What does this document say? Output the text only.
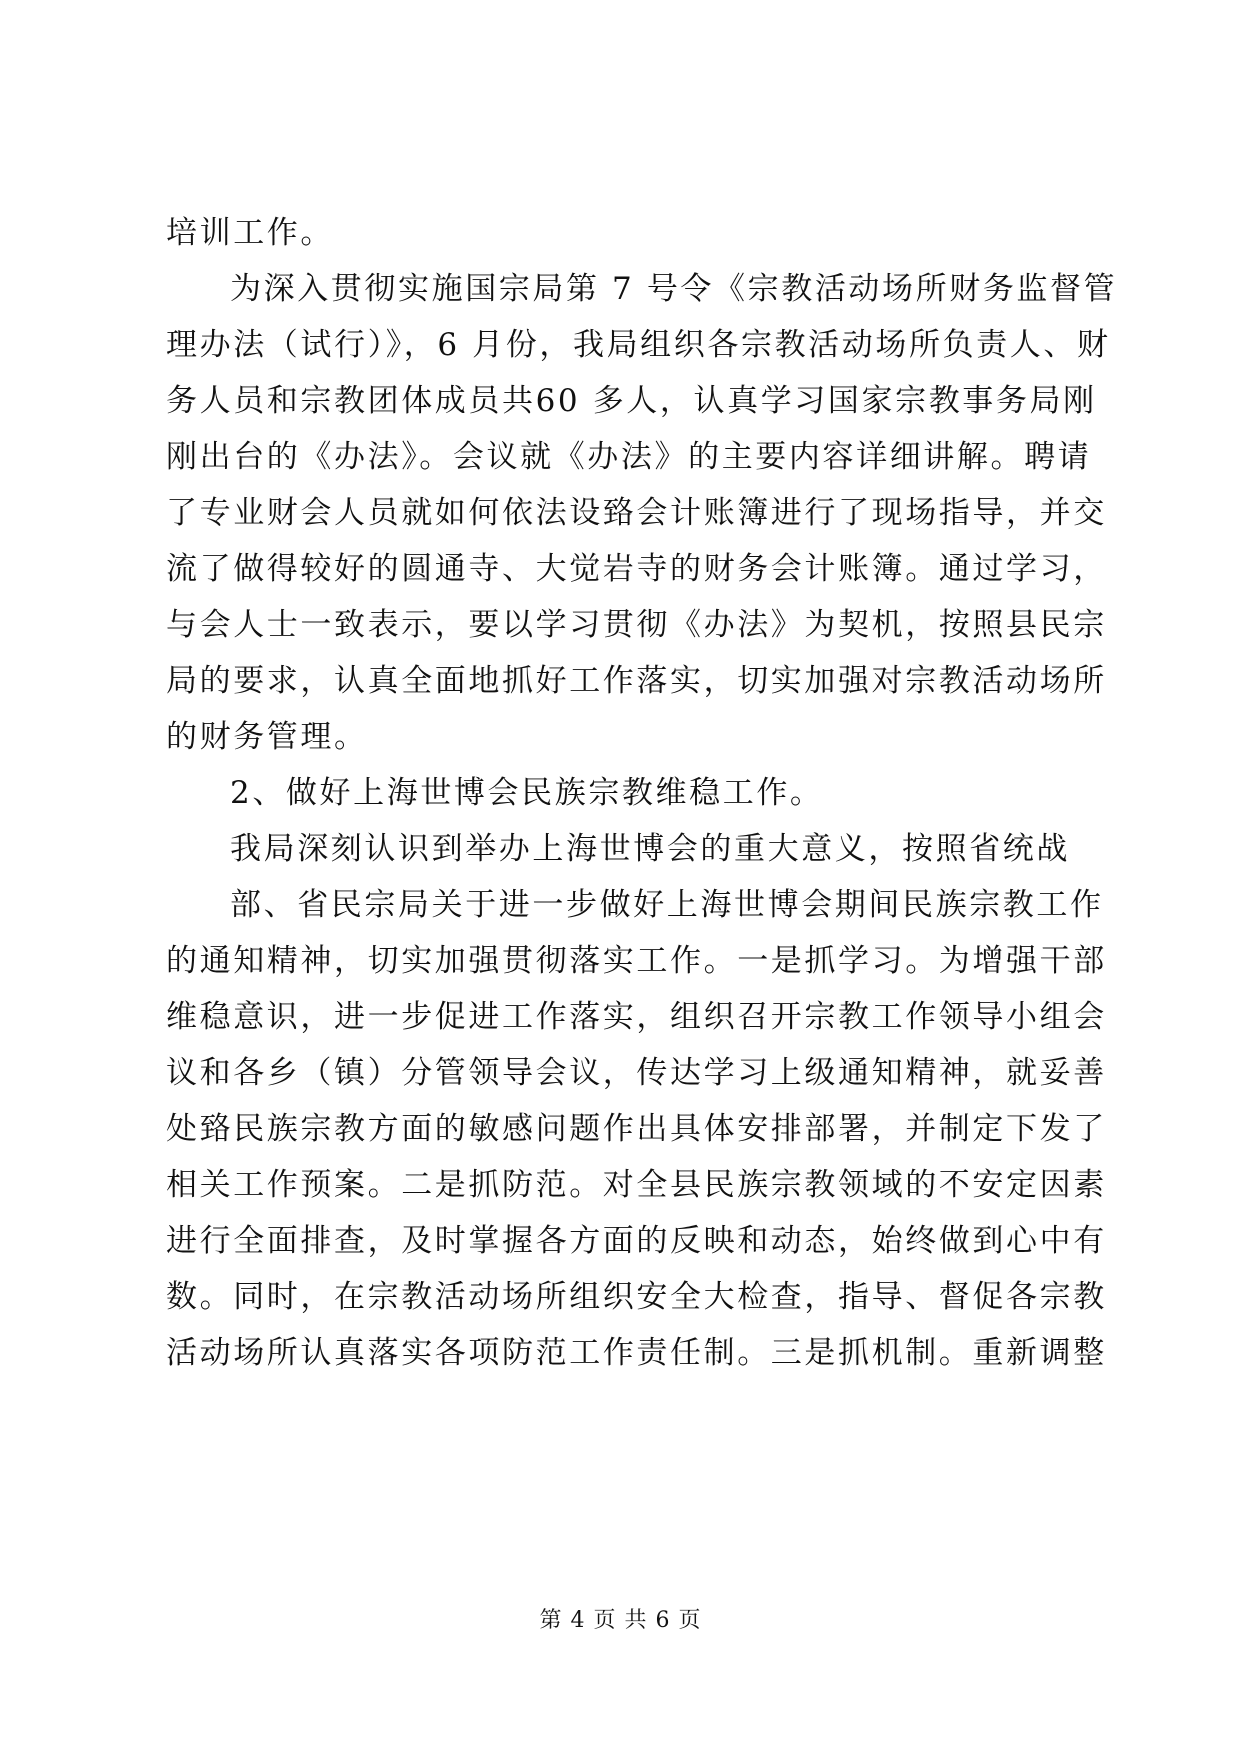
培训工作。
为深入贯彻实施国宗局第 7 号令《宗教活动场所财务监督管
理办法（试行）》，6 月份，我局组织各宗教活动场所负责人、财
务人员和宗教团体成员共60 多人，认真学习国家宗教事务局刚
刚出台的《办法》。会议就《办法》的主要内容详细讲解。聘请
了专业财会人员就如何依法设臵会计账簿进行了现场指导，并交
流了做得较好的圆通寺、大觉岩寺的财务会计账簿。通过学习，
与会人士一致表示，要以学习贯彻《办法》为契机，按照县民宗
局的要求，认真全面地抓好工作落实，切实加强对宗教活动场所
的财务管理。
2、做好上海世博会民族宗教维稳工作。
我局深刻认识到举办上海世博会的重大意义，按照省统战
部、省民宗局关于进一步做好上海世博会期间民族宗教工作
的通知精神，切实加强贯彻落实工作。一是抓学习。为增强干部
维稳意识，进一步促进工作落实，组织召开宗教工作领导小组会
议和各乡（镇）分管领导会议，传达学习上级通知精神，就妥善
处臵民族宗教方面的敏感问题作出具体安排部署，并制定下发了
相关工作预案。二是抓防范。对全县民族宗教领域的不安定因素
进行全面排查，及时掌握各方面的反映和动态，始终做到心中有
数。同时，在宗教活动场所组织安全大检查，指导、督促各宗教
活动场所认真落实各项防范工作责任制。三是抓机制。重新调整
第 4 页 共 6 页
